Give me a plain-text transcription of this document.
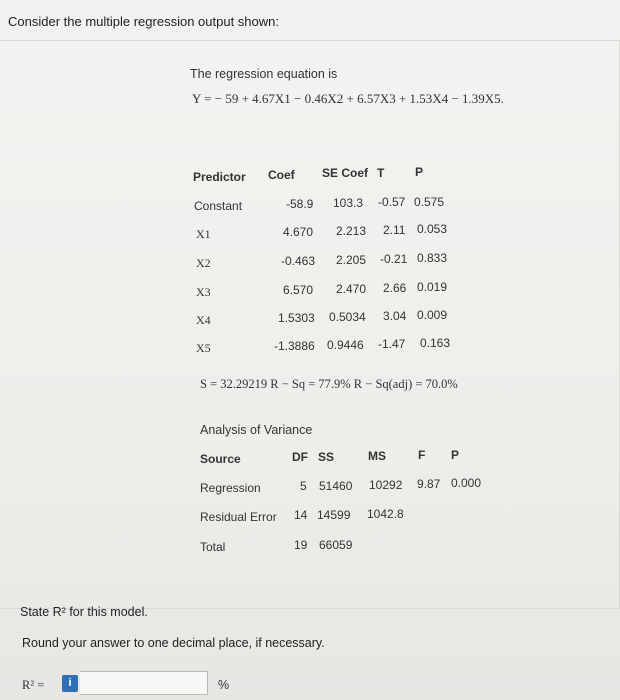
Consider the multiple regression output shown:
The regression equation is
Y = − 59 + 4.67X1 − 0.46X2 + 6.57X3 + 1.53X4 − 1.39X5.
Predictor Coef SE Coef T	P
Constant	-58.9 103.3 -0.57 0.575
X1	4.670 2.213 2.11 0.053
X2	-0.463 2.205 -0.21 0.833
X3	6.570 2.470 2.66 0.019
X4	1.5303 0.5034 3.04 0.009
X5	-1.3886 0.9446 -1.47 0.163
S = 32.29219 R − Sq = 77.9% R − Sq(adj) = 70.0%
Analysis of Variance
Source	DF SS	MS	F P
Regression	5 51460 10292 9.87 0.000
Residual Error 14 14599 1042.8
Total	19 66059
State R² for this model.
Round your answer to one decimal place, if necessary.
R² =	i	%
